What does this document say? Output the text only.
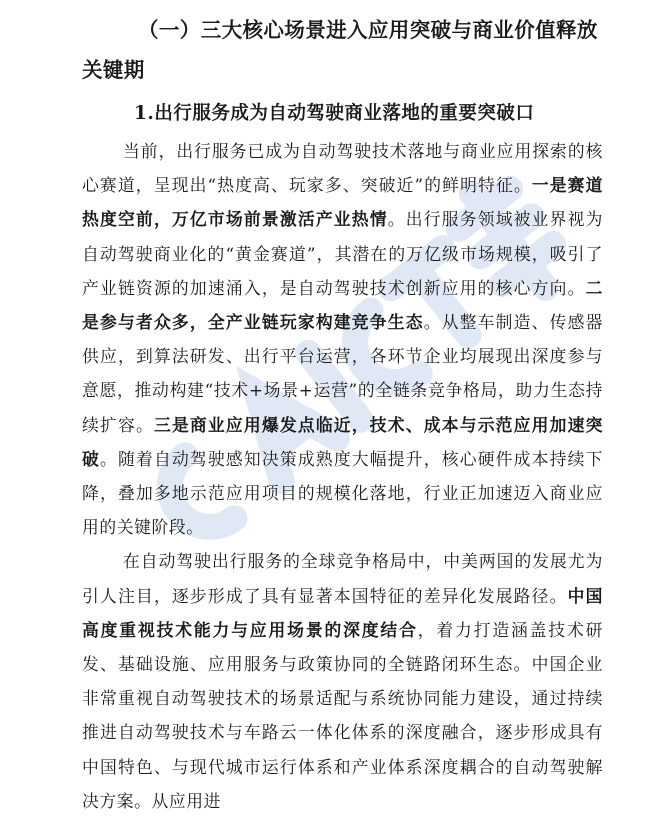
（一）三大核心场景进入应用突破与商业价值释放关键期
1.出行服务成为自动驾驶商业落地的重要突破口

当前，出行服务已成为自动驾驶技术落地与商业应用探索的核心赛道，呈现出“热度高、玩家多、突破近”的鲜明特征。一是赛道热度空前，万亿市场前景激活产业热情。出行服务领域被业界视为自动驾驶商业化的“黄金赛道”，其潜在的万亿级市场规模，吸引了产业链资源的加速涌入，是自动驾驶技术创新应用的核心方向。二是参与者众多，全产业链玩家构建竞争生态。从整车制造、传感器供应，到算法研发、出行平台运营，各环节企业均展现出深度参与意愿，推动构建“技术+场景+运营”的全链条竞争格局，助力生态持续扩容。三是商业应用爆发点临近，技术、成本与示范应用加速突破。随着自动驾驶感知决策成熟度大幅提升，核心硬件成本持续下降，叠加多地示范应用项目的规模化落地，行业正加速迈入商业应用的关键阶段。

在自动驾驶出行服务的全球竞争格局中，中美两国的发展尤为引人注目，逐步形成了具有显著本国特征的差异化发展路径。中国高度重视技术能力与应用场景的深度结合，着力打造涵盖技术研发、基础设施、应用服务与政策协同的全链路闭环生态。中国企业非常重视自动驾驶技术的场景适配与系统协同能力建设，通过持续推进自动驾驶技术与车路云一体化体系的深度融合，逐步形成具有中国特色、与现代城市运行体系和产业体系深度耦合的自动驾驶解决方案。从应用进
